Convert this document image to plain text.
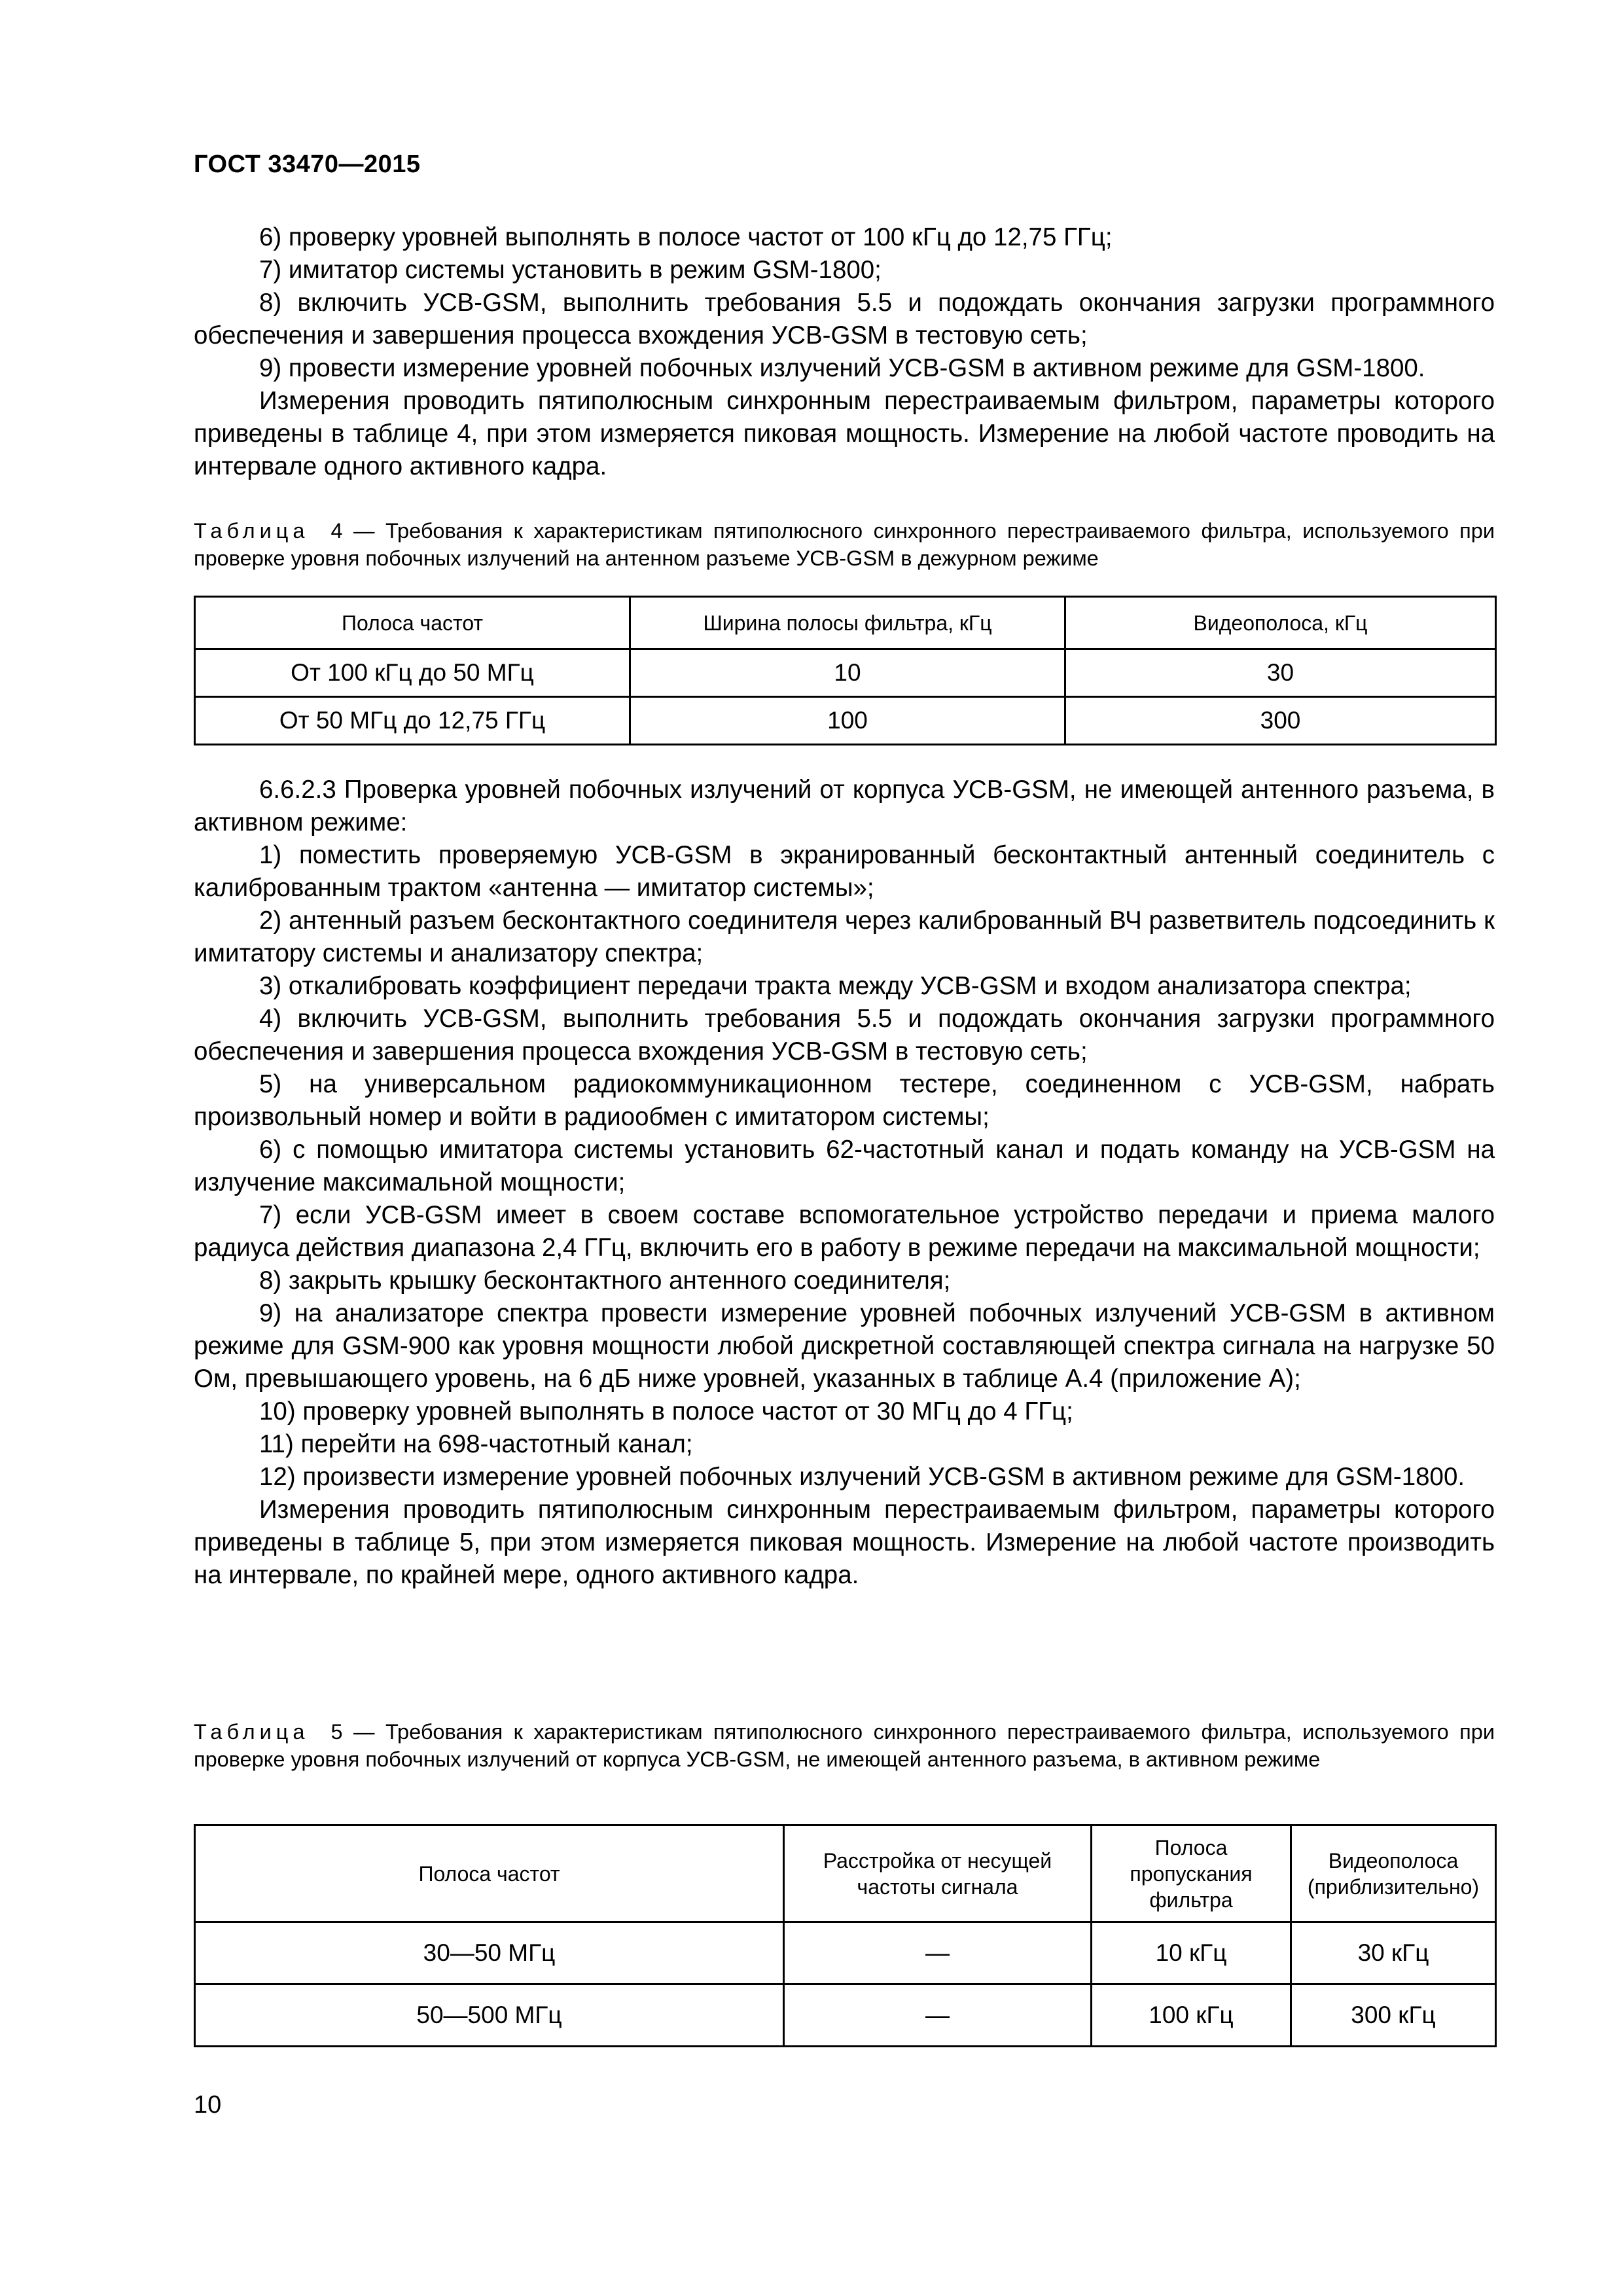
ГОСТ 33470—2015

6) проверку уровней выполнять в полосе частот от 100 кГц до 12,75 ГГц;

7) имитатор системы установить в режим GSM-1800;

8) включить УСВ-GSM, выполнить требования 5.5 и подождать окончания загрузки программного обеспечения и завершения процесса вхождения УСВ-GSM в тестовую сеть;

9) провести измерение уровней побочных излучений УСВ-GSM в активном режиме для GSM-1800.

Измерения проводить пятиполюсным синхронным перестраиваемым фильтром, параметры которого приведены в таблице 4, при этом измеряется пиковая мощность. Измерение на любой частоте проводить на интервале одного активного кадра.

Таблица 4 — Требования к характеристикам пятиполюсного синхронного перестраиваемого фильтра, используемого при проверке уровня побочных излучений на антенном разъеме УСВ-GSM в дежурном режиме

Полоса частот	Ширина полосы фильтра, кГц	Видеополоса, кГц
От 100 кГц до 50 МГц	10	30
От 50 МГц до 12,75 ГГц	100	300

6.6.2.3 Проверка уровней побочных излучений от корпуса УСВ-GSM, не имеющей антенного разъема, в активном режиме:

1) поместить проверяемую УСВ-GSM в экранированный бесконтактный антенный соединитель с калиброванным трактом «антенна — имитатор системы»;

2) антенный разъем бесконтактного соединителя через калиброванный ВЧ разветвитель подсоединить к имитатору системы и анализатору спектра;

3) откалибровать коэффициент передачи тракта между УСВ-GSM и входом анализатора спектра;

4) включить УСВ-GSM, выполнить требования 5.5 и подождать окончания загрузки программного обеспечения и завершения процесса вхождения УСВ-GSM в тестовую сеть;

5) на универсальном радиокоммуникационном тестере, соединенном с УСВ-GSM, набрать произвольный номер и войти в радиообмен с имитатором системы;

6) с помощью имитатора системы установить 62-частотный канал и подать команду на УСВ-GSM на излучение максимальной мощности;

7) если УСВ-GSM имеет в своем составе вспомогательное устройство передачи и приема малого радиуса действия диапазона 2,4 ГГц, включить его в работу в режиме передачи на максимальной мощности;

8) закрыть крышку бесконтактного антенного соединителя;

9) на анализаторе спектра провести измерение уровней побочных излучений УСВ-GSM в активном режиме для GSM-900 как уровня мощности любой дискретной составляющей спектра сигнала на нагрузке 50 Ом, превышающего уровень, на 6 дБ ниже уровней, указанных в таблице А.4 (приложение А);

10) проверку уровней выполнять в полосе частот от 30 МГц до 4 ГГц;

11) перейти на 698-частотный канал;

12) произвести измерение уровней побочных излучений УСВ-GSM в активном режиме для GSM-1800.

Измерения проводить пятиполюсным синхронным перестраиваемым фильтром, параметры которого приведены в таблице 5, при этом измеряется пиковая мощность. Измерение на любой частоте производить на интервале, по крайней мере, одного активного кадра.

Таблица 5 — Требования к характеристикам пятиполюсного синхронного перестраиваемого фильтра, используемого при проверке уровня побочных излучений от корпуса УСВ-GSM, не имеющей антенного разъема, в активном режиме

Полоса частот	Расстройка от несущей частоты сигнала	Полоса пропускания фильтра	Видеополоса (приблизительно)
30—50 МГц	—	10 кГц	30 кГц
50—500 МГц	—	100 кГц	300 кГц
10
